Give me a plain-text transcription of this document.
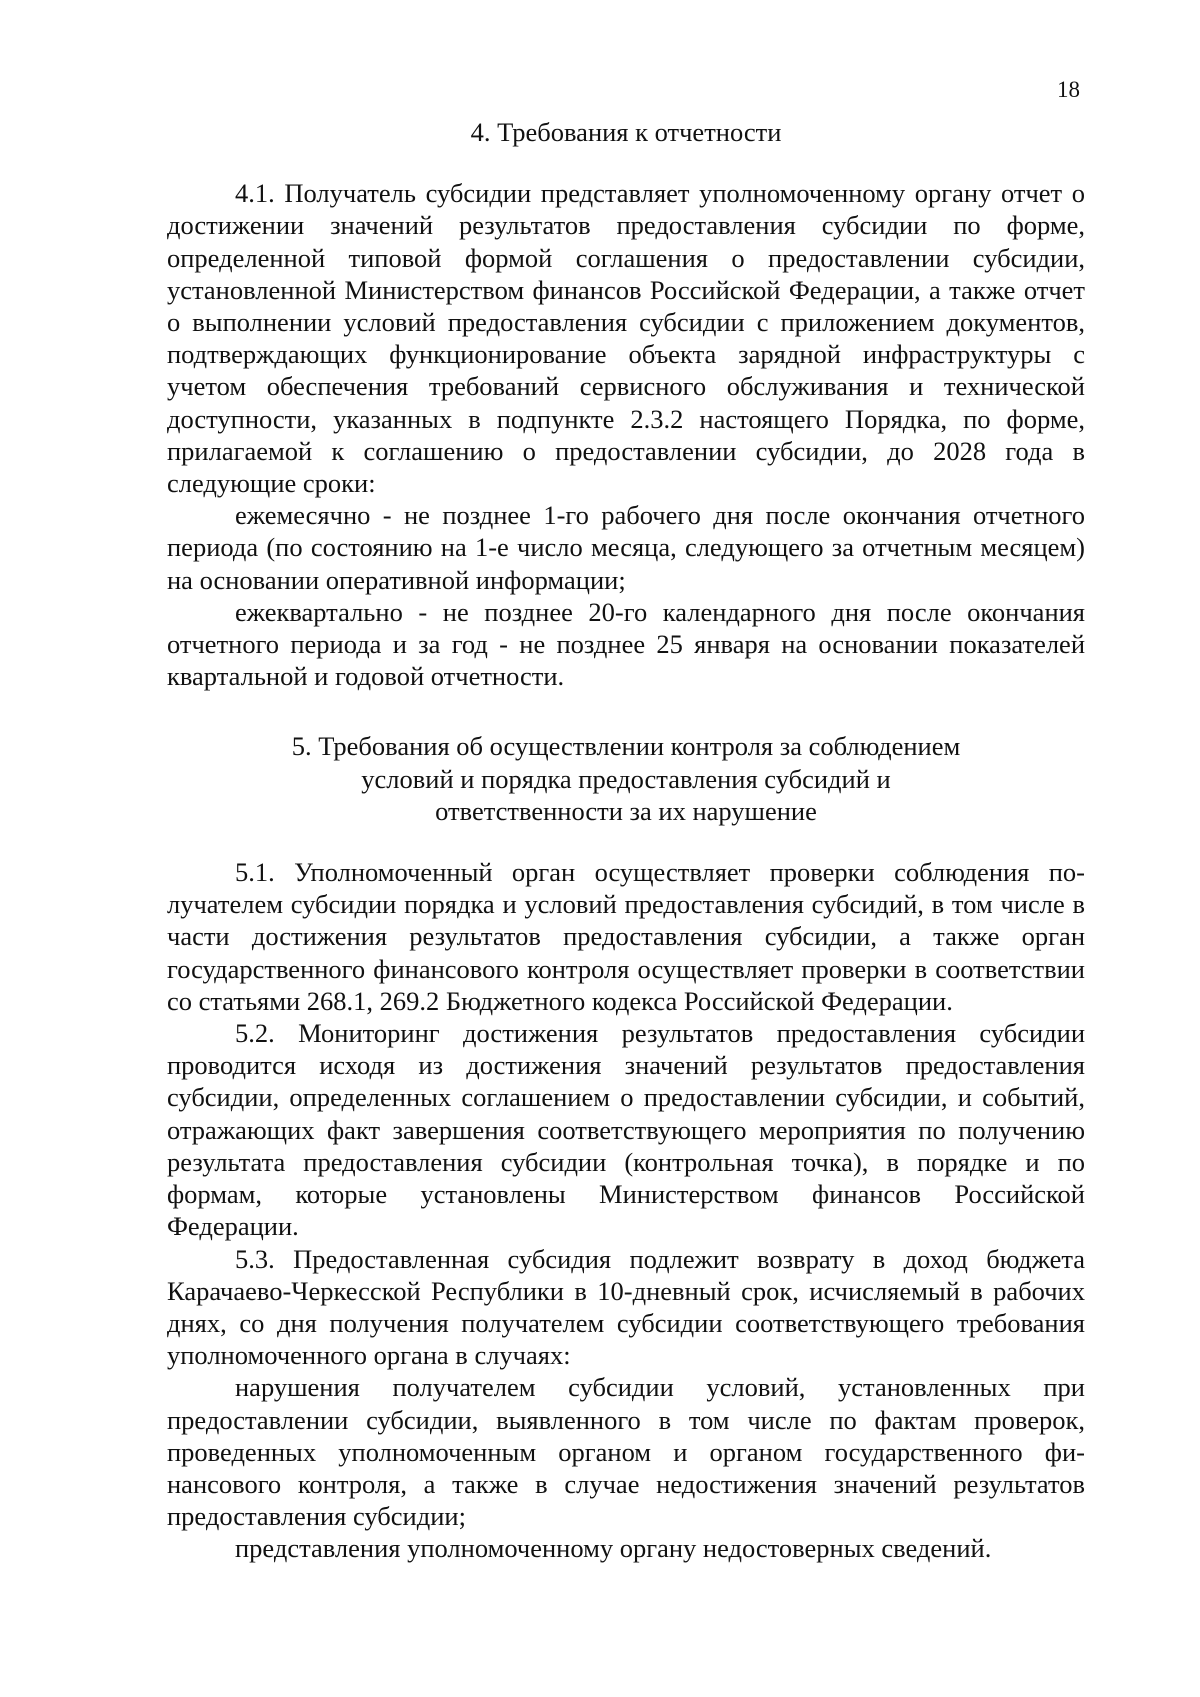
18

4. Требования к отчетности

4.1. Получатель субсидии представляет уполномоченному органу отчет о достижении значений результатов предоставления субсидии по форме, определенной типовой формой соглашения о предоставлении субсидии, установленной Министерством финансов Российской Федерации, а также отчет о выполнении условий предоставления субсидии с приложением документов, подтверждающих функционирование объекта зарядной инфраструктуры с учетом обеспечения требований сервисного обслуживания и технической доступности, указанных в подпункте 2.3.2 настоящего Порядка, по форме, прилагаемой к соглашению о предоставлении субсидии, до 2028 года в следующие сроки:

ежемесячно - не позднее 1-го рабочего дня после окончания отчетного периода (по состоянию на 1-е число месяца, следующего за отчетным месяцем) на основании оперативной информации;

ежеквартально - не позднее 20-го календарного дня после окончания отчетного периода и за год - не позднее 25 января на основании показателей квартальной и годовой отчетности.

5. Требования об осуществлении контроля за соблюдением
условий и порядка предоставления субсидий и
ответственности за их нарушение

5.1. Уполномоченный орган осуществляет проверки соблюдения получателем субсидии порядка и условий предоставления субсидий, в том числе в части достижения результатов предоставления субсидии, а также орган государственного финансового контроля осуществляет проверки в соответствии со статьями 268.1, 269.2 Бюджетного кодекса Российской Федерации.

5.2. Мониторинг достижения результатов предоставления субсидии проводится исходя из достижения значений результатов предоставления субсидии, определенных соглашением о предоставлении субсидии, и событий, отражающих факт завершения соответствующего мероприятия по получению результата предоставления субсидии (контрольная точка), в порядке и по формам, которые установлены Министерством финансов Российской Федерации.

5.3. Предоставленная субсидия подлежит возврату в доход бюджета Карачаево-Черкесской Республики в 10-дневный срок, исчисляемый в рабочих днях, со дня получения получателем субсидии соответствующего требования уполномоченного органа в случаях:

нарушения получателем субсидии условий, установленных при предоставлении субсидии, выявленного в том числе по фактам проверок, проведенных уполномоченным органом и органом государственного финансового контроля, а также в случае недостижения значений результатов предоставления субсидии;

представления уполномоченному органу недостоверных сведений.
